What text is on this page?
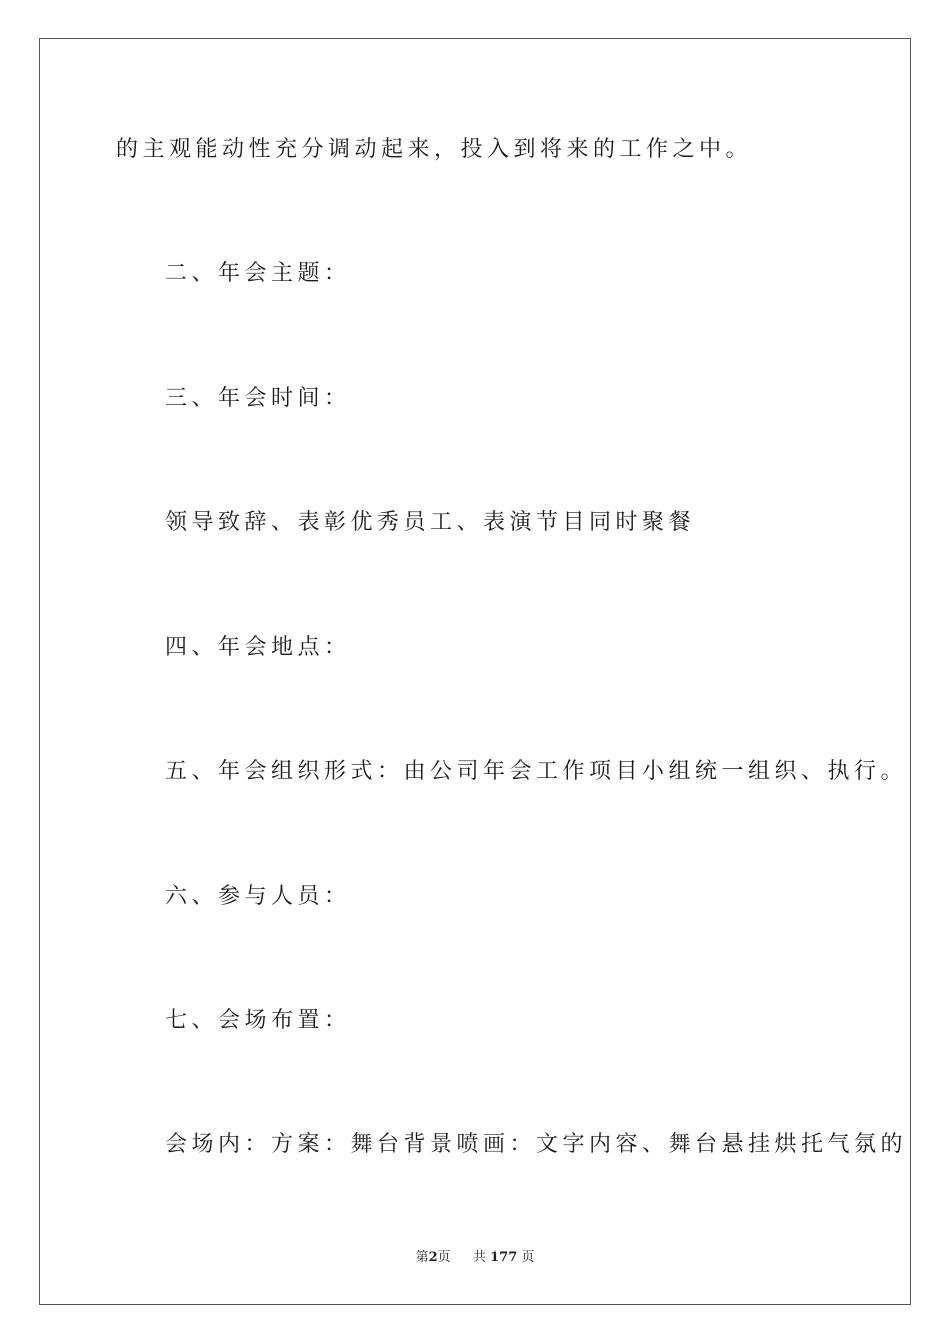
的主观能动性充分调动起来，投入到将来的工作之中。
二、年会主题：
三、年会时间：
领导致辞、表彰优秀员工、表演节目同时聚餐
四、年会地点：
五、年会组织形式：由公司年会工作项目小组统一组织、执行。
六、参与人员：
七、会场布置：
会场内：方案：舞台背景喷画：文字内容、舞台悬挂烘托气氛的
第2页 共 177 页
